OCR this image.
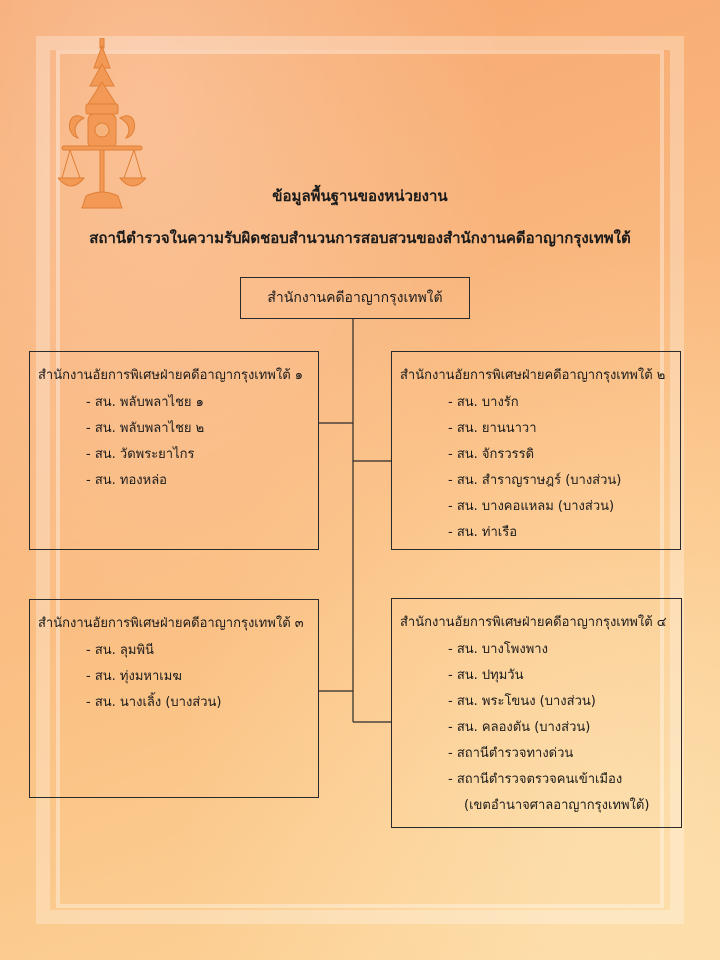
ข้อมูลพื้นฐานของหน่วยงาน
สถานีตำรวจในความรับผิดชอบสำนวนการสอบสวนของสำนักงานคดีอาญากรุงเทพใต้
สำนักงานคดีอาญากรุงเทพใต้
สำนักงานอัยการพิเศษฝ่ายคดีอาญากรุงเทพใต้ ๑
- สน. พลับพลาไชย ๑
- สน. พลับพลาไชย ๒
- สน. วัดพระยาไกร
- สน. ทองหล่อ
สำนักงานอัยการพิเศษฝ่ายคดีอาญากรุงเทพใต้ ๒
- สน. บางรัก
- สน. ยานนาวา
- สน. จักรวรรดิ
- สน. สำราญราษฎร์ (บางส่วน)
- สน. บางคอแหลม (บางส่วน)
- สน. ท่าเรือ
สำนักงานอัยการพิเศษฝ่ายคดีอาญากรุงเทพใต้ ๓
- สน. ลุมพินี
- สน. ทุ่งมหาเมฆ
- สน. นางเลิ้ง (บางส่วน)
สำนักงานอัยการพิเศษฝ่ายคดีอาญากรุงเทพใต้ ๔
- สน. บางโพงพาง
- สน. ปทุมวัน
- สน. พระโขนง (บางส่วน)
- สน. คลองตัน (บางส่วน)
- สถานีตำรวจทางด่วน
- สถานีตำรวจตรวจคนเข้าเมือง
(เขตอำนาจศาลอาญากรุงเทพใต้)
